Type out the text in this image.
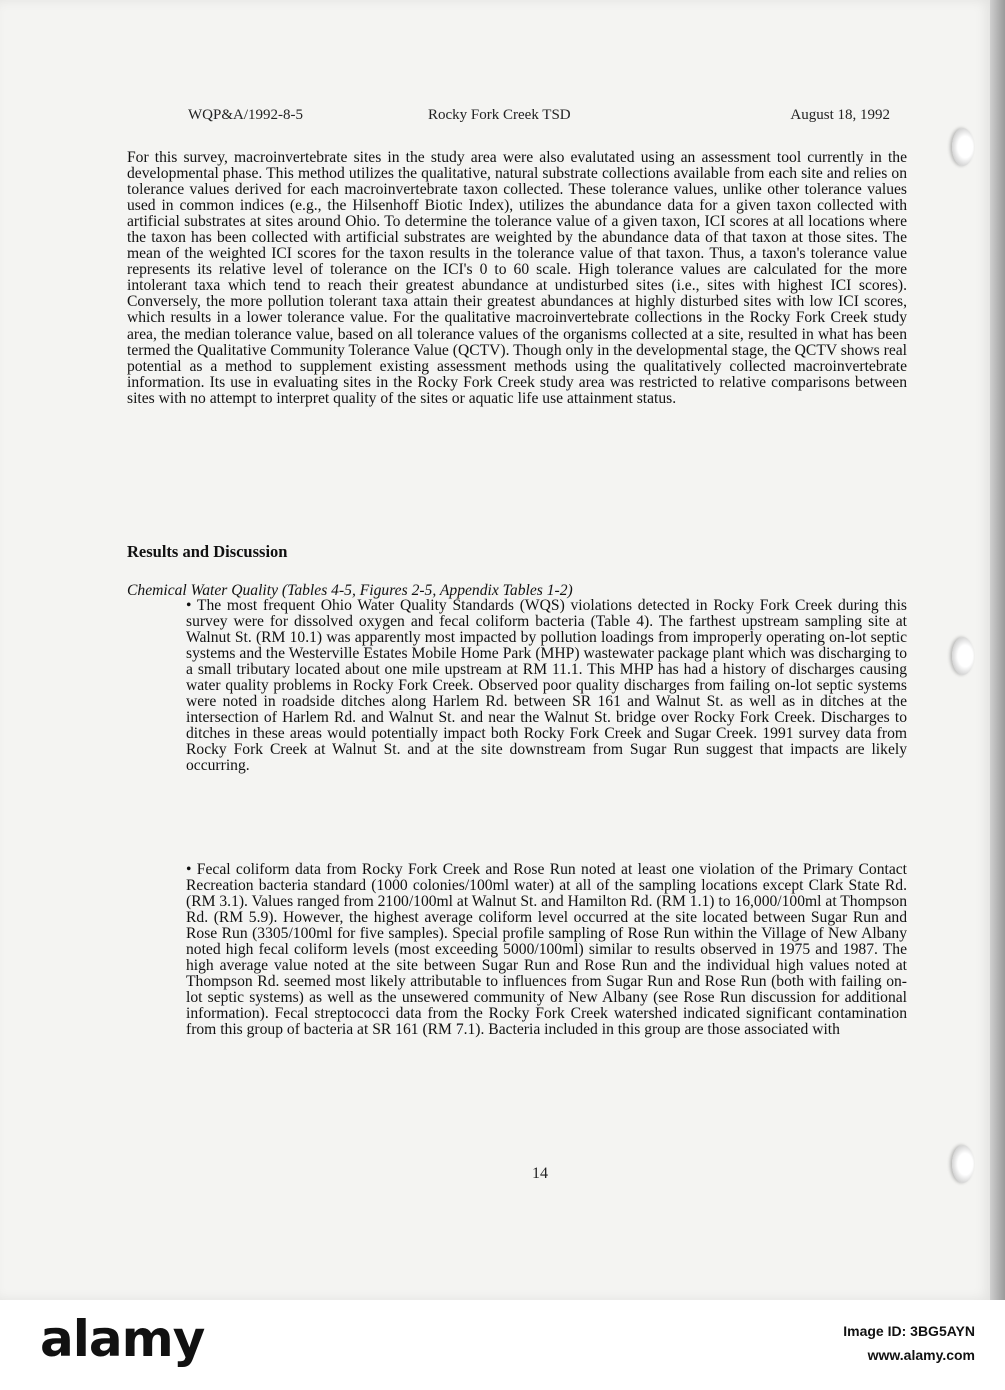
WQP&A/1992-8-5	Rocky Fork Creek TSD	August 18, 1992

For this survey, macroinvertebrate sites in the study area were also evalutated using an assessment tool currently in the developmental phase. This method utilizes the qualitative, natural substrate collections available from each site and relies on tolerance values derived for each macroinvertebrate taxon collected. These tolerance values, unlike other tolerance values used in common indices (e.g., the Hilsenhoff Biotic Index), utilizes the abundance data for a given taxon collected with artificial substrates at sites around Ohio. To determine the tolerance value of a given taxon, ICI scores at all locations where the taxon has been collected with artificial substrates are weighted by the abundance data of that taxon at those sites. The mean of the weighted ICI scores for the taxon results in the tolerance value of that taxon. Thus, a taxon's tolerance value represents its relative level of tolerance on the ICI's 0 to 60 scale. High tolerance values are calculated for the more intolerant taxa which tend to reach their greatest abundance at undisturbed sites (i.e., sites with highest ICI scores). Conversely, the more pollution tolerant taxa attain their greatest abundances at highly disturbed sites with low ICI scores, which results in a lower tolerance value. For the qualitative macroinvertebrate collections in the Rocky Fork Creek study area, the median tolerance value, based on all tolerance values of the organisms collected at a site, resulted in what has been termed the Qualitative Community Tolerance Value (QCTV). Though only in the developmental stage, the QCTV shows real potential as a method to supplement existing assessment methods using the qualitatively collected macroinvertebrate information. Its use in evaluating sites in the Rocky Fork Creek study area was restricted to relative comparisons between sites with no attempt to interpret quality of the sites or aquatic life use attainment status.

Results and Discussion
Chemical Water Quality (Tables 4-5, Figures 2-5, Appendix Tables 1-2)

• The most frequent Ohio Water Quality Standards (WQS) violations detected in Rocky Fork Creek during this survey were for dissolved oxygen and fecal coliform bacteria (Table 4). The farthest upstream sampling site at Walnut St. (RM 10.1) was apparently most impacted by pollution loadings from improperly operating on-lot septic systems and the Westerville Estates Mobile Home Park (MHP) wastewater package plant which was discharging to a small tributary located about one mile upstream at RM 11.1. This MHP has had a history of discharges causing water quality problems in Rocky Fork Creek. Observed poor quality discharges from failing on-lot septic systems were noted in roadside ditches along Harlem Rd. between SR 161 and Walnut St. as well as in ditches at the intersection of Harlem Rd. and Walnut St. and near the Walnut St. bridge over Rocky Fork Creek. Discharges to ditches in these areas would potentially impact both Rocky Fork Creek and Sugar Creek. 1991 survey data from Rocky Fork Creek at Walnut St. and at the site downstream from Sugar Run suggest that impacts are likely occurring.

• Fecal coliform data from Rocky Fork Creek and Rose Run noted at least one violation of the Primary Contact Recreation bacteria standard (1000 colonies/100ml water) at all of the sampling locations except Clark State Rd. (RM 3.1). Values ranged from 2100/100ml at Walnut St. and Hamilton Rd. (RM 1.1) to 16,000/100ml at Thompson Rd. (RM 5.9). However, the highest average coliform level occurred at the site located between Sugar Run and Rose Run (3305/100ml for five samples). Special profile sampling of Rose Run within the Village of New Albany noted high fecal coliform levels (most exceeding 5000/100ml) similar to results observed in 1975 and 1987. The high average value noted at the site between Sugar Run and Rose Run and the individual high values noted at Thompson Rd. seemed most likely attributable to influences from Sugar Run and Rose Run (both with failing on-lot septic systems) as well as the unsewered community of New Albany (see Rose Run discussion for additional information). Fecal streptococci data from the Rocky Fork Creek watershed indicated significant contamination from this group of bacteria at SR 161 (RM 7.1). Bacteria included in this group are those associated with

14
alamy	Image ID: 3BG5AYN
www.alamy.com
